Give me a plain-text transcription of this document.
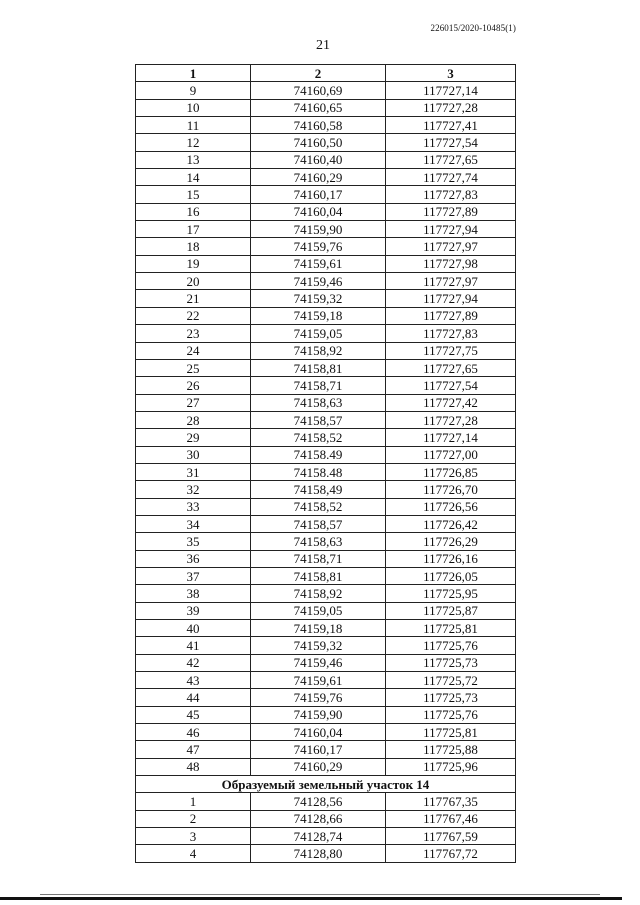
226015/2020-10485(1)
21
1	2	3
9	74160,69	117727,14
10	74160,65	117727,28
11	74160,58	117727,41
12	74160,50	117727,54
13	74160,40	117727,65
14	74160,29	117727,74
15	74160,17	117727,83
16	74160,04	117727,89
17	74159,90	117727,94
18	74159,76	117727,97
19	74159,61	117727,98
20	74159,46	117727,97
21	74159,32	117727,94
22	74159,18	117727,89
23	74159,05	117727,83
24	74158,92	117727,75
25	74158,81	117727,65
26	74158,71	117727,54
27	74158,63	117727,42
28	74158,57	117727,28
29	74158,52	117727,14
30	74158.49	117727,00
31	74158.48	117726,85
32	74158,49	117726,70
33	74158,52	117726,56
34	74158,57	117726,42
35	74158,63	117726,29
36	74158,71	117726,16
37	74158,81	117726,05
38	74158,92	117725,95
39	74159,05	117725,87
40	74159,18	117725,81
41	74159,32	117725,76
42	74159,46	117725,73
43	74159,61	117725,72
44	74159,76	117725,73
45	74159,90	117725,76
46	74160,04	117725,81
47	74160,17	117725,88
48	74160,29	117725,96
Образуемый земельный участок 14		
1	74128,56	117767,35
2	74128,66	117767,46
3	74128,74	117767,59
4	74128,80	117767,72
